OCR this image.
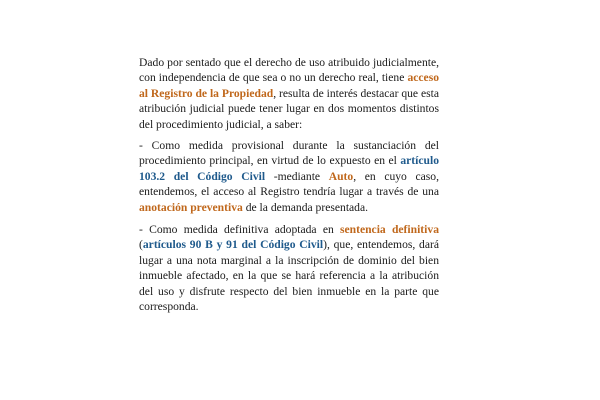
Dado por sentado que el derecho de uso atribuido judicialmente, con independencia de que sea o no un derecho real, tiene acceso al Registro de la Propiedad, resulta de interés destacar que esta atribución judicial puede tener lugar en dos momentos distintos del procedimiento judicial, a saber:

- Como medida provisional durante la sustanciación del procedimiento principal, en virtud de lo expuesto en el artículo 103.2 del Código Civil -mediante Auto, en cuyo caso, entendemos, el acceso al Registro tendría lugar a través de una anotación preventiva de la demanda presentada.

- Como medida definitiva adoptada en sentencia definitiva (artículos 90 B y 91 del Código Civil), que, entendemos, dará lugar a una nota marginal a la inscripción de dominio del bien inmueble afectado, en la que se hará referencia a la atribución del uso y disfrute respecto del bien inmueble en la parte que corresponda.
